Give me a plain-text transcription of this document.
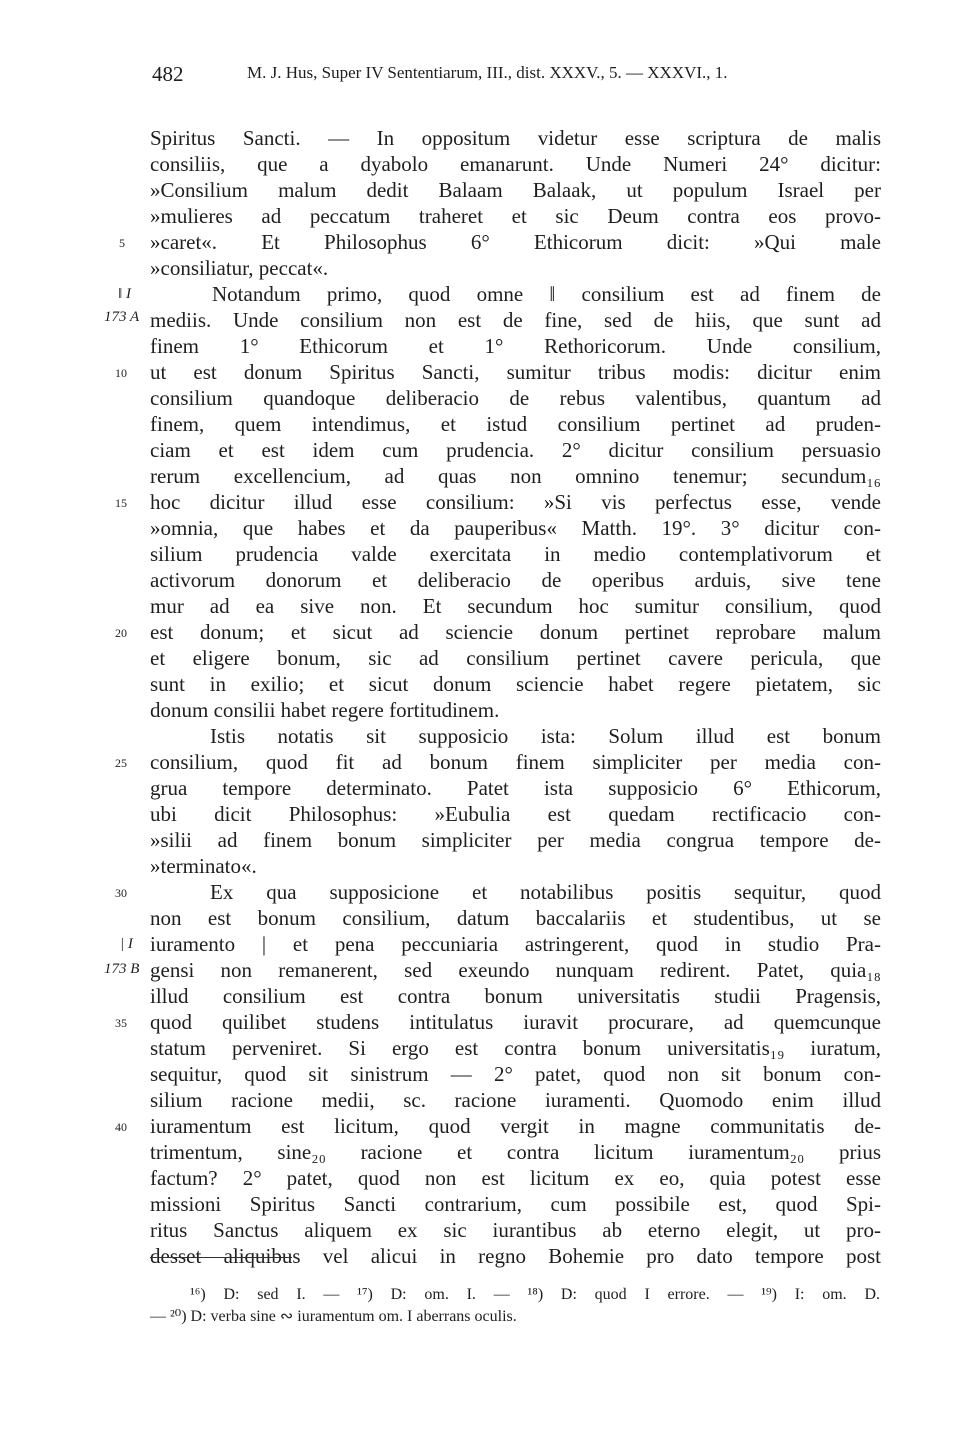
482	M. J. Hus, Super IV Sententiarum, III., dist. XXXV., 5. — XXXVI., 1.
Spiritus Sancti. — In oppositum videtur esse scriptura de malis
consiliis, que a dyabolo emanarunt. Unde Numeri 24° dicitur:
»Consilium malum dedit Balaam Balaak, ut populum Israel per
»mulieres ad peccatum traheret et sic Deum contra eos provo-
»caret«. Et Philosophus 6° Ethicorum dicit: »Qui male
»consiliatur, peccat«.
Notandum primo, quod omne ǁ consilium est ad finem de
mediis. Unde consilium non est de fine, sed de hiis, que sunt ad
finem 1° Ethicorum et 1° Rethoricorum. Unde consilium,
ut est donum Spiritus Sancti, sumitur tribus modis: dicitur enim
consilium quandoque deliberacio de rebus valentibus, quantum ad
finem, quem intendimus, et istud consilium pertinet ad pruden-
ciam et est idem cum prudencia. 2° dicitur consilium persuasio
rerum excellencium, ad quas non omnino tenemur; secundum₁₆
hoc dicitur illud esse consilium: »Si vis perfectus esse, vende
»omnia, que habes et da pauperibus« Matth. 19°. 3° dicitur con-
silium prudencia valde exercitata in medio contemplativorum et
activorum donorum et deliberacio de operibus arduis, sive tene
mur ad ea sive non. Et secundum hoc sumitur consilium, quod
est donum; et sicut ad sciencie donum pertinet reprobare malum
et eligere bonum, sic ad consilium pertinet cavere pericula, que
sunt in exilio; et sicut donum sciencie habet regere pietatem, sic
donum consilii habet regere fortitudinem.
Istis notatis sit supposicio ista: Solum illud est bonum
consilium, quod fit ad bonum finem simpliciter per media con-
grua tempore determinato. Patet ista supposicio 6° Ethicorum,
ubi dicit Philosophus: »Eubulia est quedam rectificacio con-
»silii ad finem bonum simpliciter per media congrua tempore de-
»terminato«.
Ex qua supposicione et notabilibus positis sequitur, quod
non est bonum consilium, datum baccalariis et studentibus, ut se
iuramento | et pena peccuniaria astringerent, quod in studio Pra-
gensi non remanerent, sed exeundo nunquam redirent. Patet, quia₁₈
illud consilium est contra bonum universitatis studii Pragensis,
quod quilibet studens intitulatus iuravit procurare, ad quemcunque
statum perveniret. Si ergo est contra bonum universitatis₁₉ iuratum,
sequitur, quod sit sinistrum — 2° patet, quod non sit bonum con-
silium racione medii, sc. racione iuramenti. Quomodo enim illud
iuramentum est licitum, quod vergit in magne communitatis de-
trimentum, sine₂₀ racione et contra licitum iuramentum₂₀ prius
factum? 2° patet, quod non est licitum ex eo, quia potest esse
missioni Spiritus Sancti contrarium, cum possibile est, quod Spi-
ritus Sanctus aliquem ex sic iurantibus ab eterno elegit, ut pro-
desset aliquibus vel alicui in regno Bohemie pro dato tempore post
5
10
15
20
25
30
35
40
ǁ I
173 A
| I
173 B
¹⁶) D: sed I. — ¹⁷) D: om. I. — ¹⁸) D: quod I errore. — ¹⁹) I: om. D.
— ²⁰) D: verba sine ∾ iuramentum om. I aberrans oculis.
